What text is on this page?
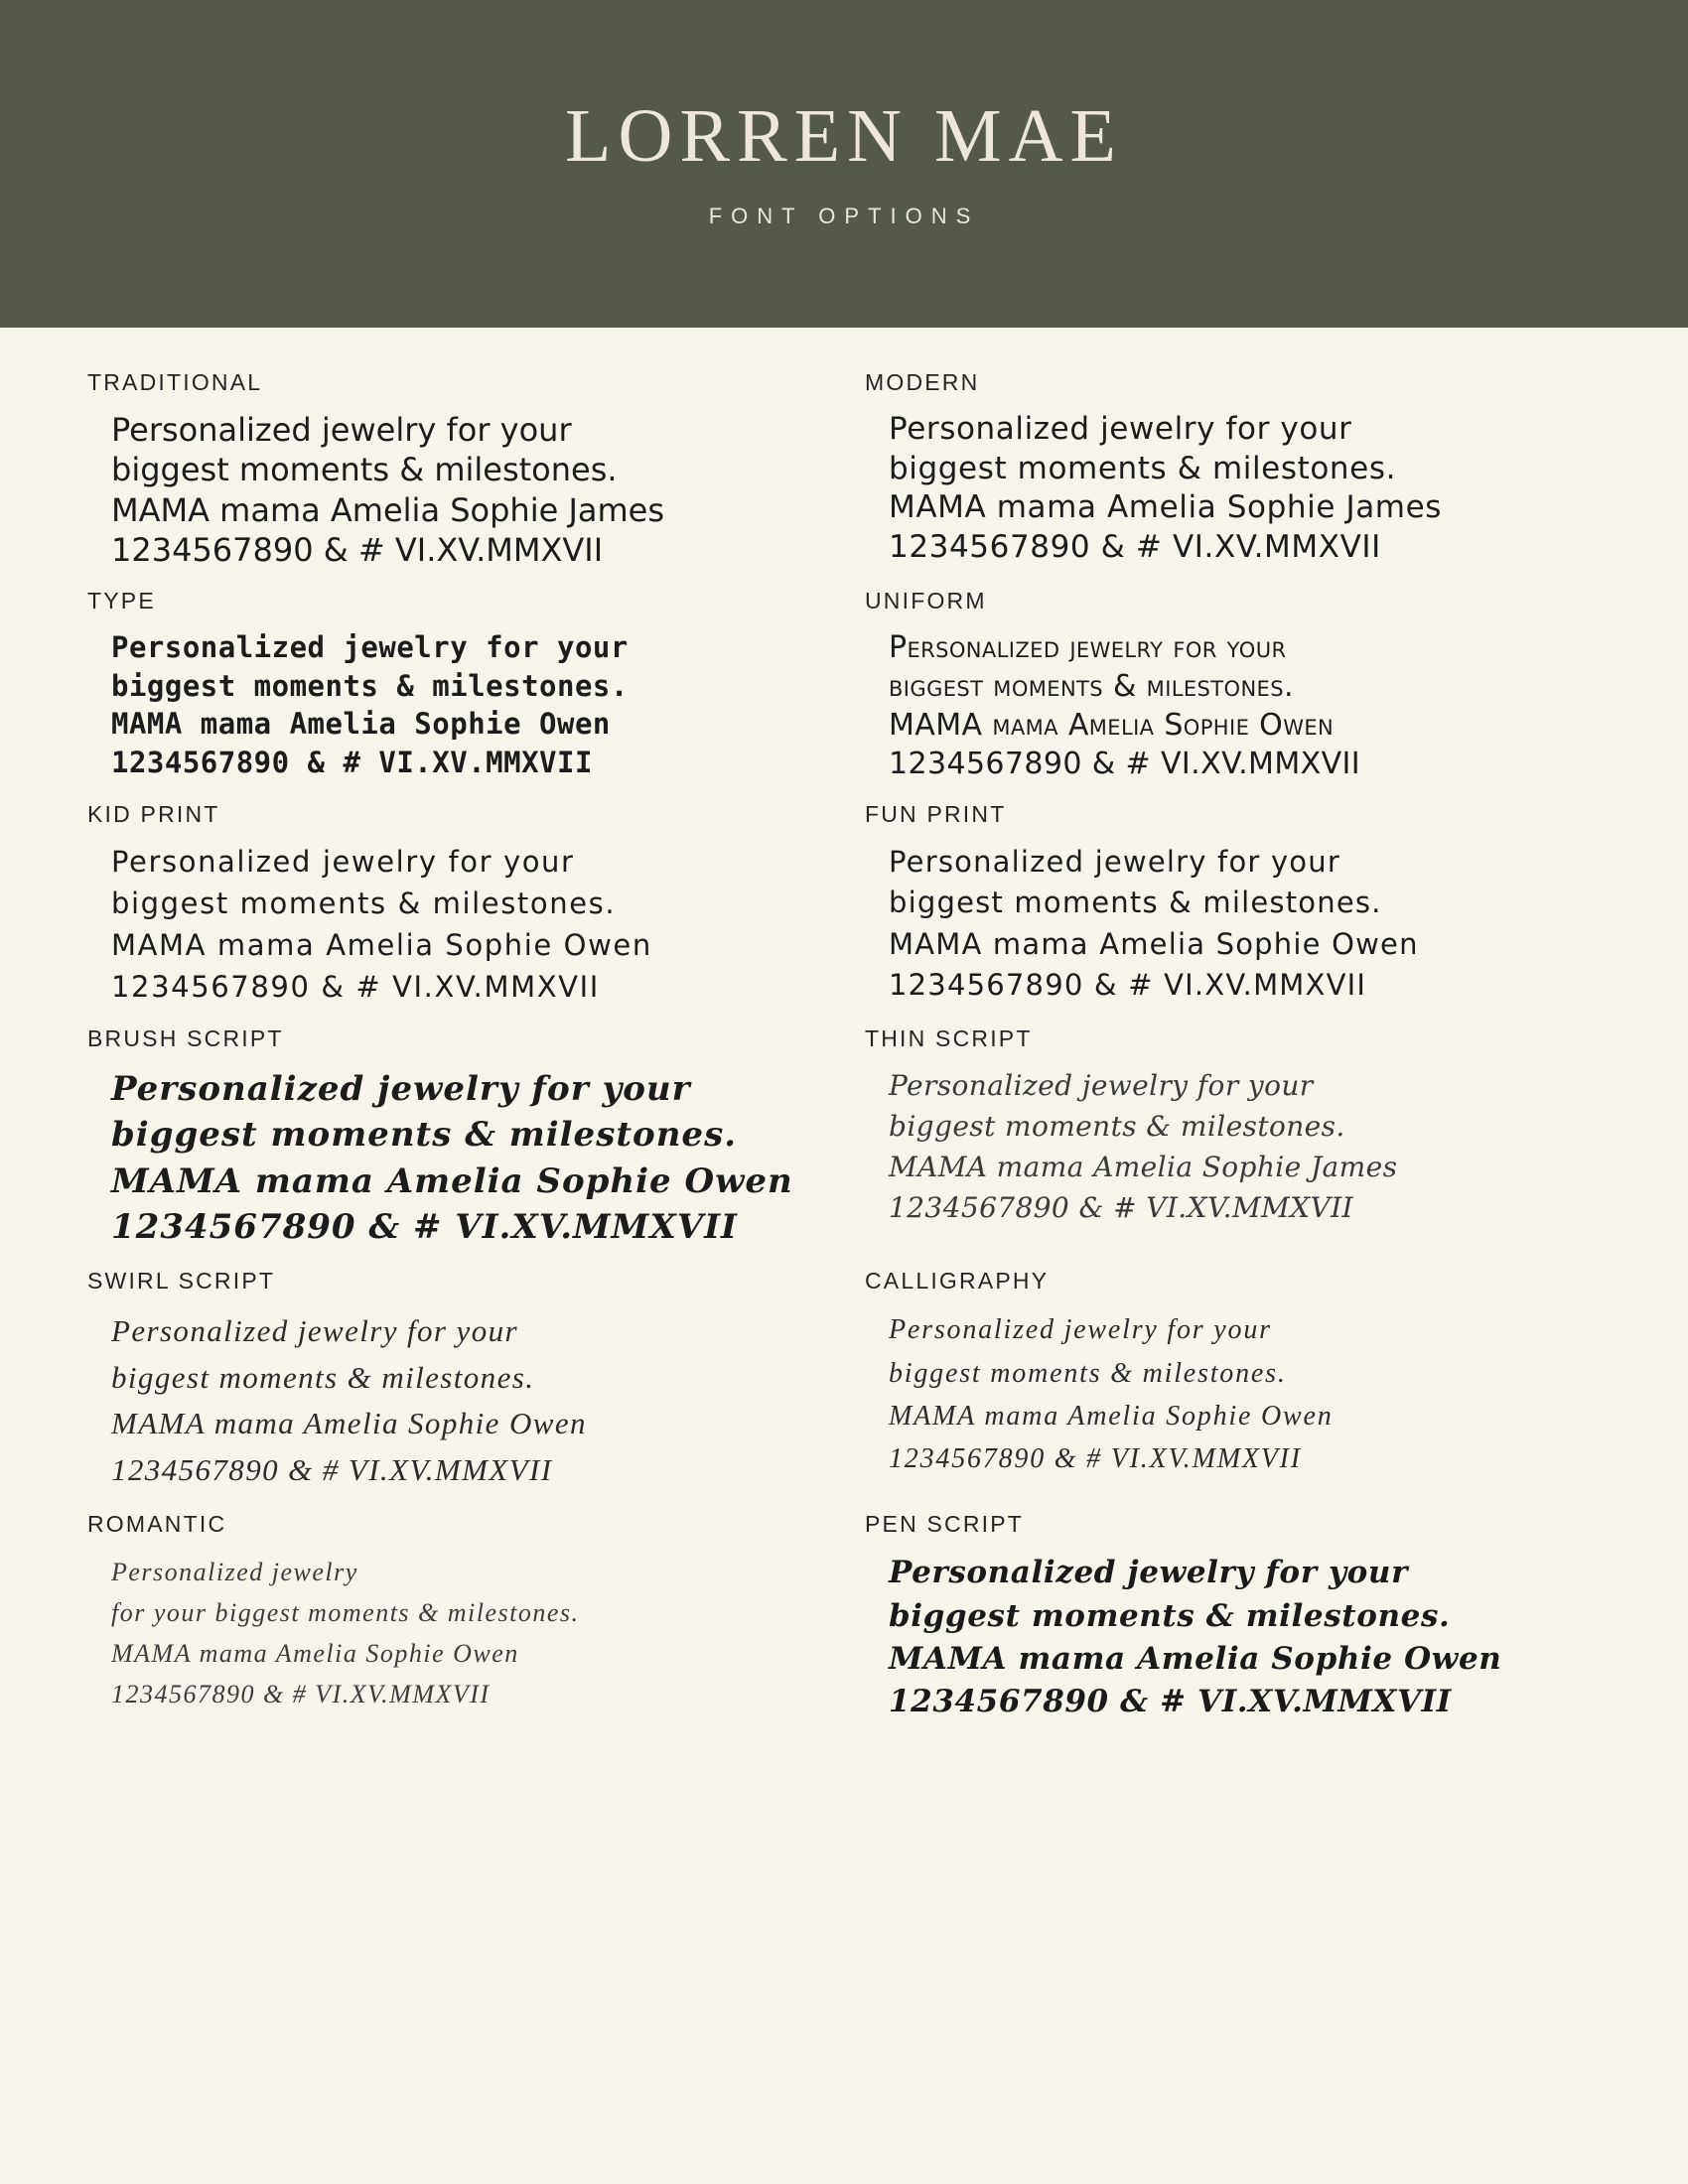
LORREN MAE
FONT OPTIONS
TRADITIONAL
Personalized jewelry for your
biggest moments & milestones.
MAMA mama Amelia Sophie James
1234567890 & # VI.XV.MMXVII
MODERN
Personalized jewelry for your
biggest moments & milestones.
MAMA mama Amelia Sophie James
1234567890 & # VI.XV.MMXVII
TYPE
Personalized jewelry for your
biggest moments & milestones.
MAMA mama Amelia Sophie Owen
1234567890 & # VI.XV.MMXVII
UNIFORM
Personalized jewelry for your
biggest moments & milestones.
MAMA mama Amelia Sophie Owen
1234567890 & # VI.XV.MMXVII
KID PRINT
Personalized jewelry for your
biggest moments & milestones.
MAMA mama Amelia Sophie Owen
1234567890 & # VI.XV.MMXVII
FUN PRINT
Personalized jewelry for your
biggest moments & milestones.
MAMA mama Amelia Sophie Owen
1234567890 & # VI.XV.MMXVII
BRUSH SCRIPT
Personalized jewelry for your
biggest moments & milestones.
MAMA mama Amelia Sophie Owen
1234567890 & # VI.XV.MMXVII
THIN SCRIPT
Personalized jewelry for your
biggest moments & milestones.
MAMA mama Amelia Sophie James
1234567890 & # VI.XV.MMXVII
SWIRL SCRIPT
Personalized jewelry for your
biggest moments & milestones.
MAMA mama Amelia Sophie Owen
1234567890 & # VI.XV.MMXVII
CALLIGRAPHY
Personalized jewelry for your
biggest moments & milestones.
MAMA mama Amelia Sophie Owen
1234567890 & # VI.XV.MMXVII
ROMANTIC
Personalized jewelry
for your biggest moments & milestones.
MAMA mama Amelia Sophie Owen
1234567890 & # VI.XV.MMXVII
PEN SCRIPT
Personalized jewelry for your
biggest moments & milestones.
MAMA mama Amelia Sophie Owen
1234567890 & # VI.XV.MMXVII
